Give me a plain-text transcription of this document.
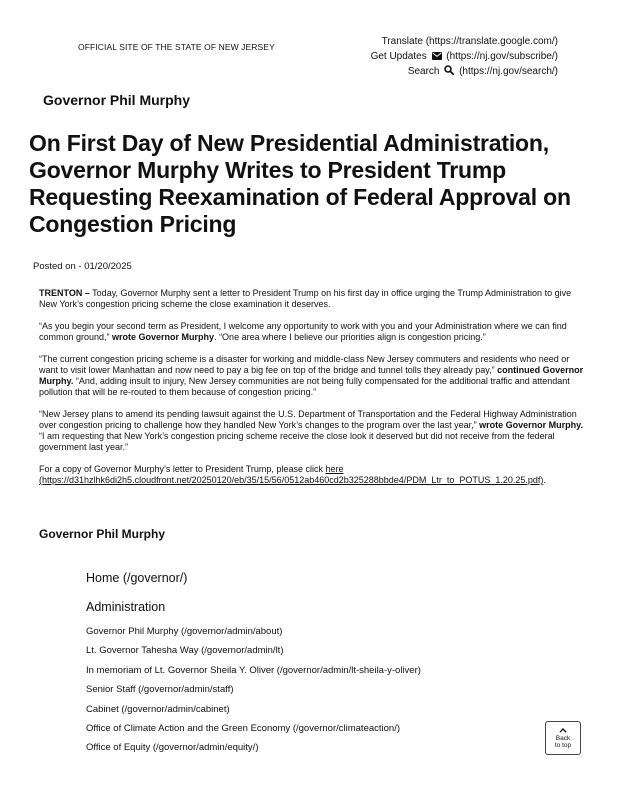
OFFICIAL SITE OF THE STATE OF NEW JERSEY	Translate (https://translate.google.com/)
Get Updates (https://nj.gov/subscribe/)
Search (https://nj.gov/search/)
Governor Phil Murphy
On First Day of New Presidential Administration, Governor Murphy Writes to President Trump Requesting Reexamination of Federal Approval on Congestion Pricing
Posted on - 01/20/2025

TRENTON – Today, Governor Murphy sent a letter to President Trump on his first day in office urging the Trump Administration to give New York’s congestion pricing scheme the close examination it deserves.

“As you begin your second term as President, I welcome any opportunity to work with you and your Administration where we can find common ground,” wrote Governor Murphy. “One area where I believe our priorities align is congestion pricing.”

“The current congestion pricing scheme is a disaster for working and middle-class New Jersey commuters and residents who need or want to visit lower Manhattan and now need to pay a big fee on top of the bridge and tunnel tolls they already pay,” continued Governor Murphy. “And, adding insult to injury, New Jersey communities are not being fully compensated for the additional traffic and attendant pollution that will be re-routed to them because of congestion pricing.”

“New Jersey plans to amend its pending lawsuit against the U.S. Department of Transportation and the Federal Highway Administration over congestion pricing to challenge how they handled New York’s changes to the program over the last year,” wrote Governor Murphy. “I am requesting that New York’s congestion pricing scheme receive the close look it deserved but did not receive from the federal government last year.”

For a copy of Governor Murphy’s letter to President Trump, please click here (https://d31hzlhk6di2h5.cloudfront.net/20250120/eb/35/15/56/0512ab460cd2b325288bbde4/PDM_Ltr_to_POTUS_1.20.25.pdf).

Governor Phil Murphy
Home (/governor/)
Administration
Governor Phil Murphy (/governor/admin/about)
Lt. Governor Tahesha Way (/governor/admin/lt)
In memoriam of Lt. Governor Sheila Y. Oliver (/governor/admin/lt-sheila-y-oliver)
Senior Staff (/governor/admin/staff)
Cabinet (/governor/admin/cabinet)
Office of Climate Action and the Green Economy (/governor/climateaction/)
Office of Equity (/governor/admin/equity/)
Back
to top
